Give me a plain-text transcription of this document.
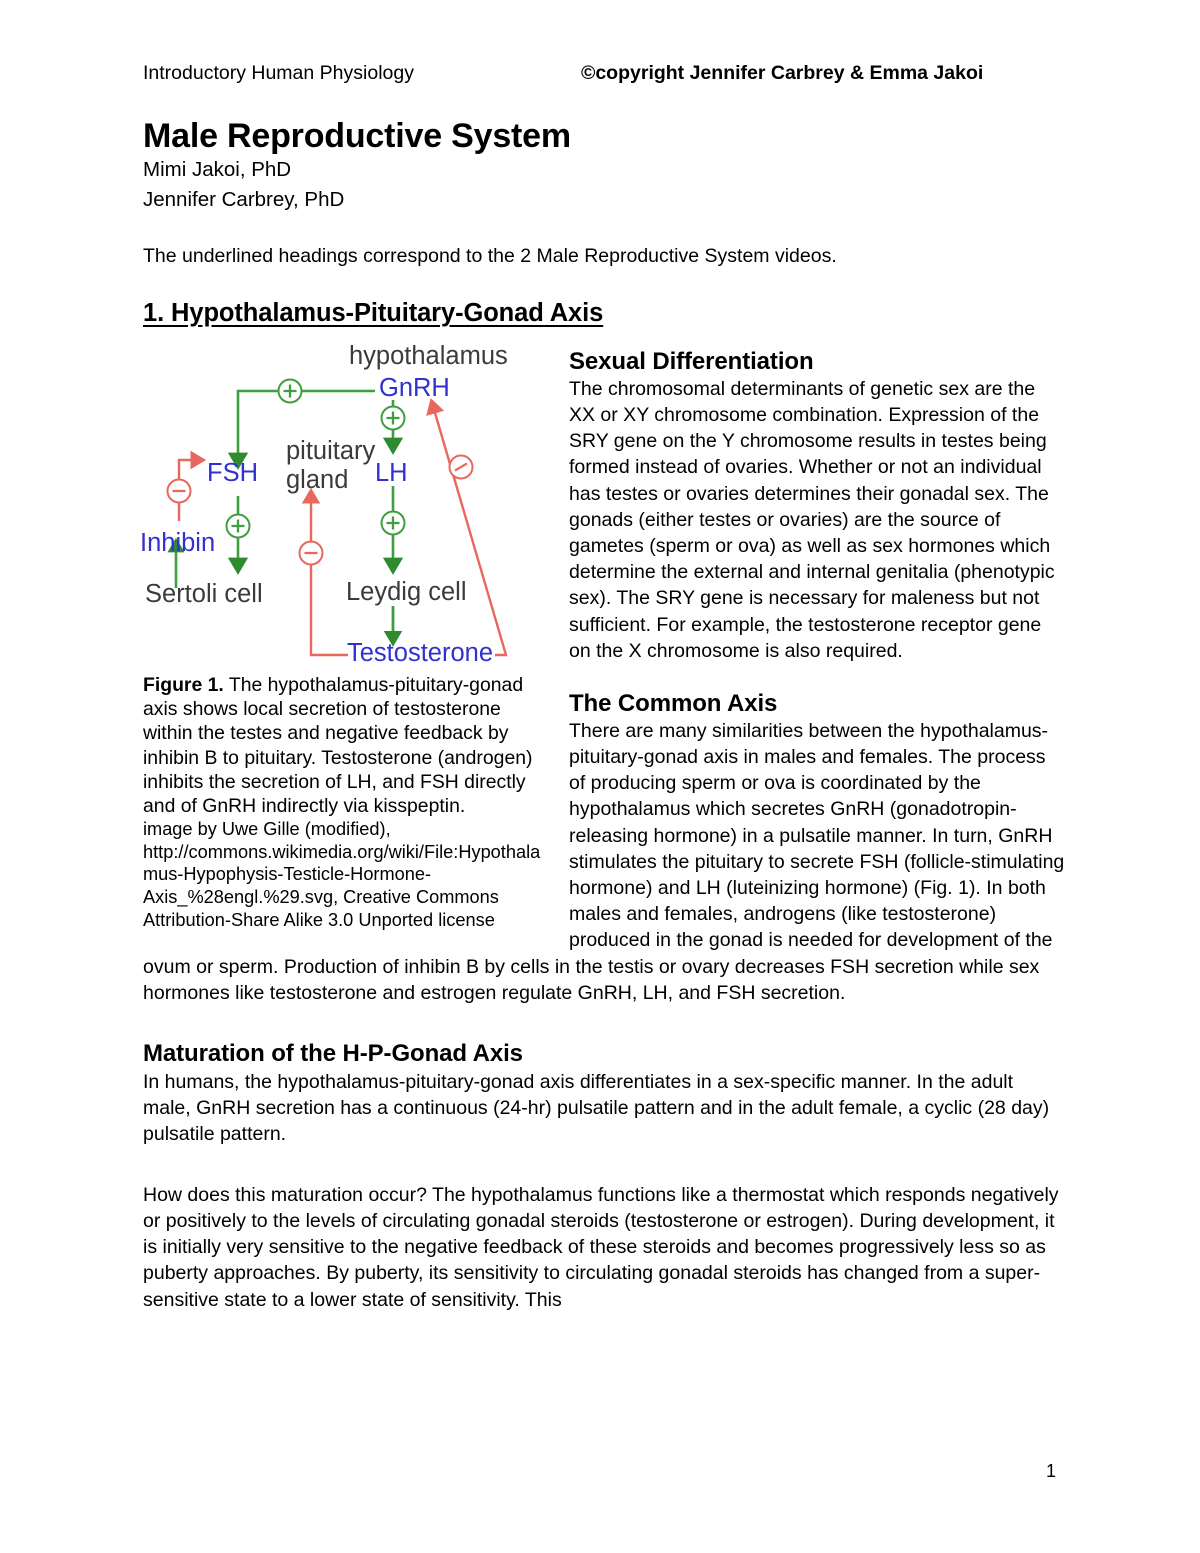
Introductory Human Physiology	©copyright Jennifer Carbrey & Emma Jakoi
Male Reproductive System
Mimi Jakoi, PhD
Jennifer Carbrey, PhD
The underlined headings correspond to the 2 Male Reproductive System videos.
1. Hypothalamus-Pituitary-Gonad Axis
hypothalamus
GnRH
pituitary
gland
FSH	LH
Inhibin
Sertoli cell	Leydig cell
Testosterone
Figure 1. The hypothalamus-pituitary-gonad axis shows local secretion of testosterone within the testes and negative feedback by inhibin B to pituitary. Testosterone (androgen) inhibits the secretion of LH, and FSH directly and of GnRH indirectly via kisspeptin.
image by Uwe Gille (modified), http://commons.wikimedia.org/wiki/File:Hypothalamus-Hypophysis-Testicle-Hormone-Axis_%28engl.%29.svg, Creative Commons Attribution-Share Alike 3.0 Unported license
Sexual Differentiation
The chromosomal determinants of genetic sex are the XX or XY chromosome combination. Expression of the SRY gene on the Y chromosome results in testes being formed instead of ovaries. Whether or not an individual has testes or ovaries determines their gonadal sex. The gonads (either testes or ovaries) are the source of gametes (sperm or ova) as well as sex hormones which determine the external and internal genitalia (phenotypic sex). The SRY gene is necessary for maleness but not sufficient. For example, the testosterone receptor gene on the X chromosome is also required.
The Common Axis
There are many similarities between the hypothalamus-pituitary-gonad axis in males and females. The process of producing sperm or ova is coordinated by the hypothalamus which secretes GnRH (gonadotropin-releasing hormone) in a pulsatile manner. In turn, GnRH stimulates the pituitary to secrete FSH (follicle-stimulating hormone) and LH (luteinizing hormone) (Fig. 1). In both males and females, androgens (like testosterone) produced in the gonad is needed for development of the ovum or sperm. Production of inhibin B by cells in the testis or ovary decreases FSH secretion while sex hormones like testosterone and estrogen regulate GnRH, LH, and FSH secretion.
Maturation of the H-P-Gonad Axis
In humans, the hypothalamus-pituitary-gonad axis differentiates in a sex-specific manner. In the adult male, GnRH secretion has a continuous (24-hr) pulsatile pattern and in the adult female, a cyclic (28 day) pulsatile pattern.
How does this maturation occur? The hypothalamus functions like a thermostat which responds negatively or positively to the levels of circulating gonadal steroids (testosterone or estrogen). During development, it is initially very sensitive to the negative feedback of these steroids and becomes progressively less so as puberty approaches. By puberty, its sensitivity to circulating gonadal steroids has changed from a super-sensitive state to a lower state of sensitivity. This
1
